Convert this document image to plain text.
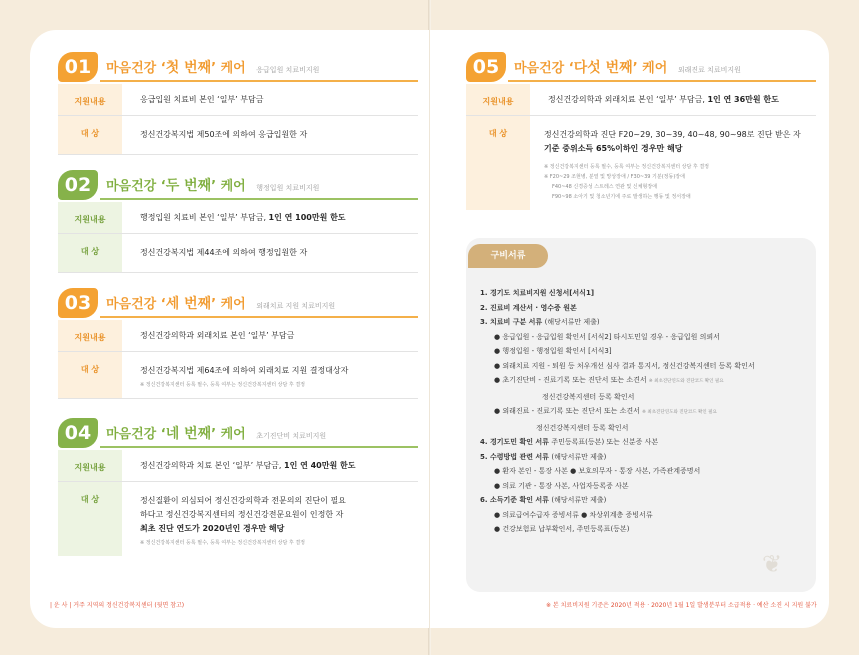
01	마음건강 ‘첫 번째’ 케어 응급입원 치료비지원
지원내용	응급입원 치료비 본인 ‘일부’ 부담금
대 상	정신건강복지법 제50조에 의하여 응급입원한 자
02	마음건강 ‘두 번째’ 케어 행정입원 치료비지원
지원내용	행정입원 치료비 본인 ‘일부’ 부담금, 1인 연 100만원 한도
대 상	정신건강복지법 제44조에 의하여 행정입원한 자
03	마음건강 ‘세 번째’ 케어 외래치료 지원 치료비지원
지원내용	정신건강의학과 외래치료 본인 ‘일부’ 부담금
대 상	정신건강복지법 제64조에 의하여 외래치료 지원 결정대상자
※ 정신건강복지센터 등록 필수, 등록 여부는 정신건강복지센터 상담 후 결정
04	마음건강 ‘네 번째’ 케어 초기진단비 치료비지원
지원내용	정신건강의학과 치료 본인 ‘일부’ 부담금, 1인 연 40만원 한도
대 상	정신질환이 의심되어 정신건강의학과 전문의의 진단이 필요
하다고 정신건강복지센터의 정신건강전문요원이 인정한 자
최초 진단 연도가 2020년인 경우만 해당
※ 정신건강복지센터 등록 필수, 등록 여부는 정신건강복지센터 상담 후 결정
| 운 사 | 거주 지역의 정신건강복지센터 (뒷면 참고)
05	마음건강 ‘다섯 번째’ 케어 외래진료 치료비지원
지원내용	정신건강의학과 외래치료 본인 ‘일부’ 부담금, 1인 연 36만원 한도
대 상	정신건강의학과 진단 F20~29, 30~39, 40~48, 90~98로 진단 받은 자
기준 중위소득 65%이하인 경우만 해당

※ 정신건강복지센터 등록 필수, 등록 여부는 정신건강복지센터 상담 후 결정

※ F20~29 조현병, 분열 및 망상장애 / F30~39 기분(정동)장애

F40~48 신경증성 스트레스 연관 및 신체형장애

F90~98 소아기 및 청소년기에 주로 발생하는 행동 및 정서장애

구비서류
1. 경기도 치료비지원 신청서[서식1]
2. 진료비 계산서 · 영수증 원본
3. 치료비 구분 서류 (해당서류만 제출)
● 응급입원 - 응급입원 확인서 [서식2] 타시도민일 경우 - 응급입원 의뢰서
● 행정입원 - 행정입원 확인서 [서식3]
● 외래치료 지원 - 퇴원 등 처우개선 심사 결과 통지서, 정신건강복지센터 등록 확인서
● 초기진단비 - 진료기록 또는 진단서 또는 소견서 ※ 최초진단연도와 진단코드 확인 필요
정신건강복지센터 등록 확인서
● 외래진료 - 진료기록 또는 진단서 또는 소견서 ※ 최초진단연도와 진단코드 확인 필요
정신건강복지센터 등록 확인서
4. 경기도민 확인 서류 주민등록표(등본) 또는 신분증 사본
5. 수령방법 관련 서류 (해당서류만 제출)
● 환자 본인 - 통장 사본 ● 보호의무자 - 통장 사본, 가족관계증명서
● 의료 기관 - 통장 사본, 사업자등록증 사본
6. 소득기준 확인 서류 (해당서류만 제출)
● 의료급여수급자 증빙서류 ● 차상위계층 증빙서류
● 건강보험료 납부확인서, 주민등록표(등본)
❦
※ 본 치료비지원 기준은 2020년 적용 · 2020년 1월 1일 발생분부터 소급적용 · 예산 소진 시 지원 불가
